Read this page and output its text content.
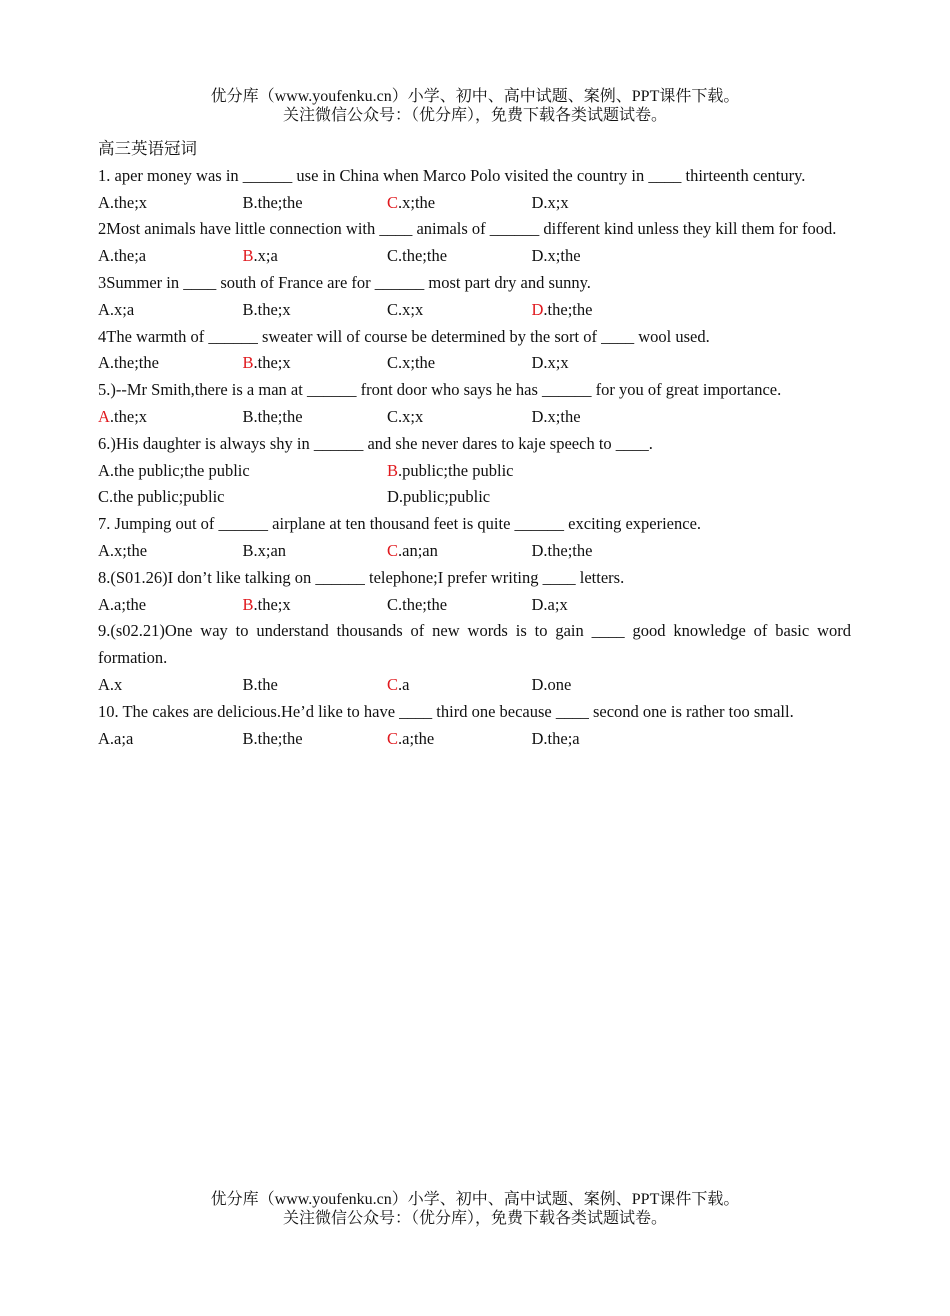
优分库（www.youfenku.cn）小学、初中、高中试题、案例、PPT课件下载。
关注微信公众号：（优分库），免费下载各类试题试卷。

高三英语冠词

1. aper money was in ______ use in China when Marco Polo visited the country in ____ thirteenth century.

A.the;x	B.the;the	C.x;the	D.x;x

2Most animals have little connection with ____ animals of ______ different kind unless they kill them for food.

A.the;a	B.x;a	C.the;the	D.x;the

3Summer in ____ south of France are for ______ most part dry and sunny.

A.x;a	B.the;x	C.x;x	D.the;the

4The warmth of ______ sweater will of course be determined by the sort of ____ wool used.

A.the;the	B.the;x	C.x;the	D.x;x

5.)--Mr Smith,there is a man at ______ front door who says he has ______ for you of great importance.

A.the;x	B.the;the	C.x;x	D.x;the

6.)His daughter is always shy in ______ and she never dares to kaje speech to ____.

A.the public;the public	B.public;the public
C.the public;public	D.public;public

7. Jumping out of ______ airplane at ten thousand feet is quite ______ exciting experience.

A.x;the	B.x;an	C.an;an	D.the;the

8.(S01.26)I don’t like talking on ______ telephone;I prefer writing ____ letters.

A.a;the	B.the;x	C.the;the	D.a;x

9.(s02.21)One way to understand thousands of new words is to gain ____ good knowledge of basic word formation.

A.x	B.the	C.a	D.one

10. The cakes are delicious.He’d like to have ____ third one because ____ second one is rather too small.

A.a;a	B.the;the	C.a;the	D.the;a
优分库（www.youfenku.cn）小学、初中、高中试题、案例、PPT课件下载。
关注微信公众号：（优分库），免费下载各类试题试卷。
